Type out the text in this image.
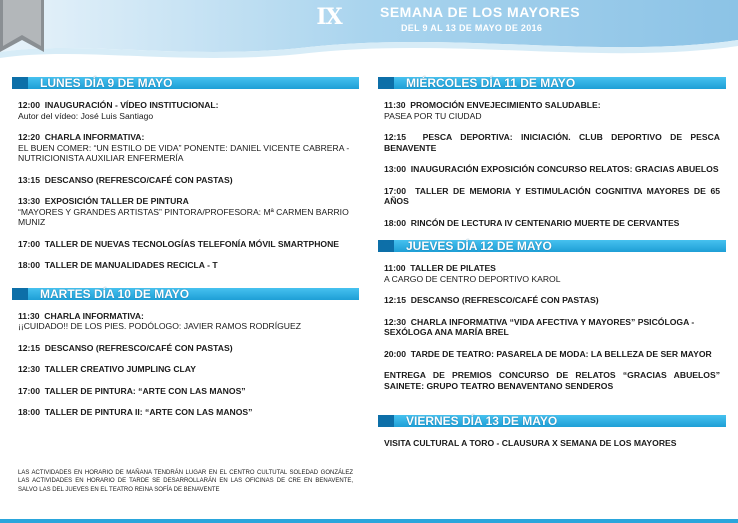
IX	SEMANA DE LOS MAYORES
DEL 9 AL 13 DE MAYO DE 2016
LUNES DÍA 9 DE MAYO
12:00 INAUGURACIÓN - VÍDEO INSTITUCIONAL:
Autor del vídeo: José Luis Santiago
12:20 CHARLA INFORMATIVA:
EL BUEN COMER: “UN ESTILO DE VIDA” PONENTE: DANIEL VICENTE CABRERA - NUTRICIONISTA AUXILIAR ENFERMERÍA
13:15 DESCANSO (REFRESCO/CAFÉ CON PASTAS)
13:30 EXPOSICIÓN TALLER DE PINTURA
“MAYORES Y GRANDES ARTISTAS” PINTORA/PROFESORA: Mª CARMEN BARRIO MUNIZ
17:00 TALLER DE NUEVAS TECNOLOGÍAS TELEFONÍA MÓVIL SMARTPHONE
18:00 TALLER DE MANUALIDADES RECICLA - T
MARTES DÍA 10 DE MAYO
11:30 CHARLA INFORMATIVA:
¡¡CUIDADO!! DE LOS PIES. PODÓLOGO: JAVIER RAMOS RODRÍGUEZ
12:15 DESCANSO (REFRESCO/CAFÉ CON PASTAS)
12:30 TALLER CREATIVO JUMPLING CLAY
17:00 TALLER DE PINTURA: “ARTE CON LAS MANOS”
18:00 TALLER DE PINTURA II: “ARTE CON LAS MANOS”
LAS ACTIVIDADES EN HORARIO DE MAÑANA TENDRÁN LUGAR EN EL CENTRO CULTUTAL SOLEDAD GONZÁLEZ LAS ACTIVIDADES EN HORARIO DE TARDE SE DESARROLLARÁN EN LAS OFICINAS DE CRE EN BENAVENTE, SALVO LAS DEL JUEVES EN EL TEATRO REINA SOFÍA DE BENAVENTE
MIÉRCOLES DÍA 11 DE MAYO
11:30 PROMOCIÓN ENVEJECIMIENTO SALUDABLE:
PASEA POR TU CIUDAD
12:15 PESCA DEPORTIVA: INICIACIÓN. CLUB DEPORTIVO DE PESCA BENAVENTE
13:00 INAUGURACIÓN EXPOSICIÓN CONCURSO RELATOS: GRACIAS ABUELOS
17:00 TALLER DE MEMORIA Y ESTIMULACIÓN COGNITIVA MAYORES DE 65 AÑOS
18:00 RINCÓN DE LECTURA IV CENTENARIO MUERTE DE CERVANTES
JUEVES DÍA 12 DE MAYO
11:00 TALLER DE PILATES
A CARGO DE CENTRO DEPORTIVO KAROL
12:15 DESCANSO (REFRESCO/CAFÉ CON PASTAS)
12:30 CHARLA INFORMATIVA “VIDA AFECTIVA Y MAYORES” PSICÓLOGA - SEXÓLOGA ANA MARÍA BREL
20:00 TARDE DE TEATRO: PASARELA DE MODA: LA BELLEZA DE SER MAYOR
ENTREGA DE PREMIOS CONCURSO DE RELATOS “GRACIAS ABUELOS” SAINETE: GRUPO TEATRO BENAVENTANO SENDEROS
VIERNES DÍA 13 DE MAYO
VISITA CULTURAL A TORO - CLAUSURA X SEMANA DE LOS MAYORES
